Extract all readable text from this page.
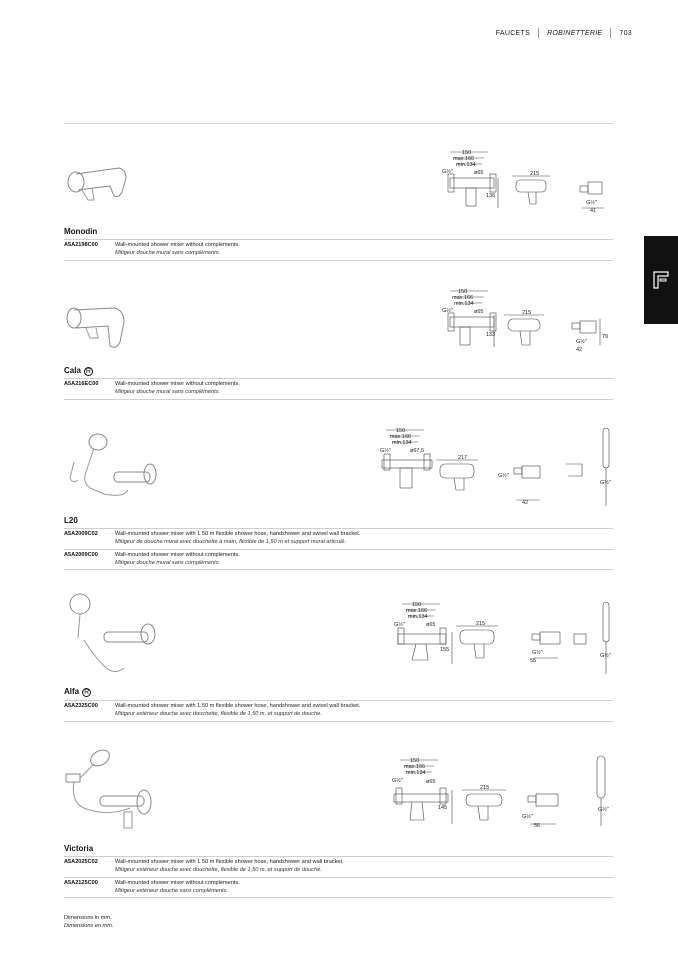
FAUCETS ROBINETTERIE 703
150
max.166
min.134
G½"	ø65
136
215
G½"
41
Monodin
A5A2198C00	Wall-mounted shower mixer without complements.
Mitigeur douche mural sans compléments.
150
max.166
min.134
G½"	ø65
133
215
79
G½"
42
Cala R
A5A216EC00	Wall-mounted shower mixer without complements.
Mitigeur douche mural sans compléments.
150
max.166
min.134
G½"	ø67,5
217
G½"
42
G½"
L20
A5A2009C02	Wall-mounted shower mixer with 1.50 m flexible shower hose, handshower and swivel wall bracket.
Mitigeur de douche mural avec douchette à main, flexible de 1,50 m et support mural articulé.
A5A2009C00	Wall-mounted shower mixer without complements.
Mitigeur douche mural sans compléments.
150
max.166
min.134
G½"	ø65
155
215
G½"
55
G½"
Alfa R
A5A2325C00	Wall-mounted shower mixer with 1.50 m flexible shower hose, handshower and swivel wall bracket.
Mitigeur extérieur douche avec douchette, flexible de 1,50 m. et support de douche.
150
max.166
min.134
G½"	ø65
145
215
G½"
56
G½"
Victoria
A5A2025C02	Wall-mounted shower mixer with 1.50 m flexible shower hose, handshower and wall bracket.
Mitigeur extérieur douche avec douchette, flexible de 1,50 m. et support de douche.
A5A2125C00	Wall-mounted shower mixer without complements.
Mitigeur extérieur douche sans compléments.
Dimensions in mm.
Dimensions en mm.
